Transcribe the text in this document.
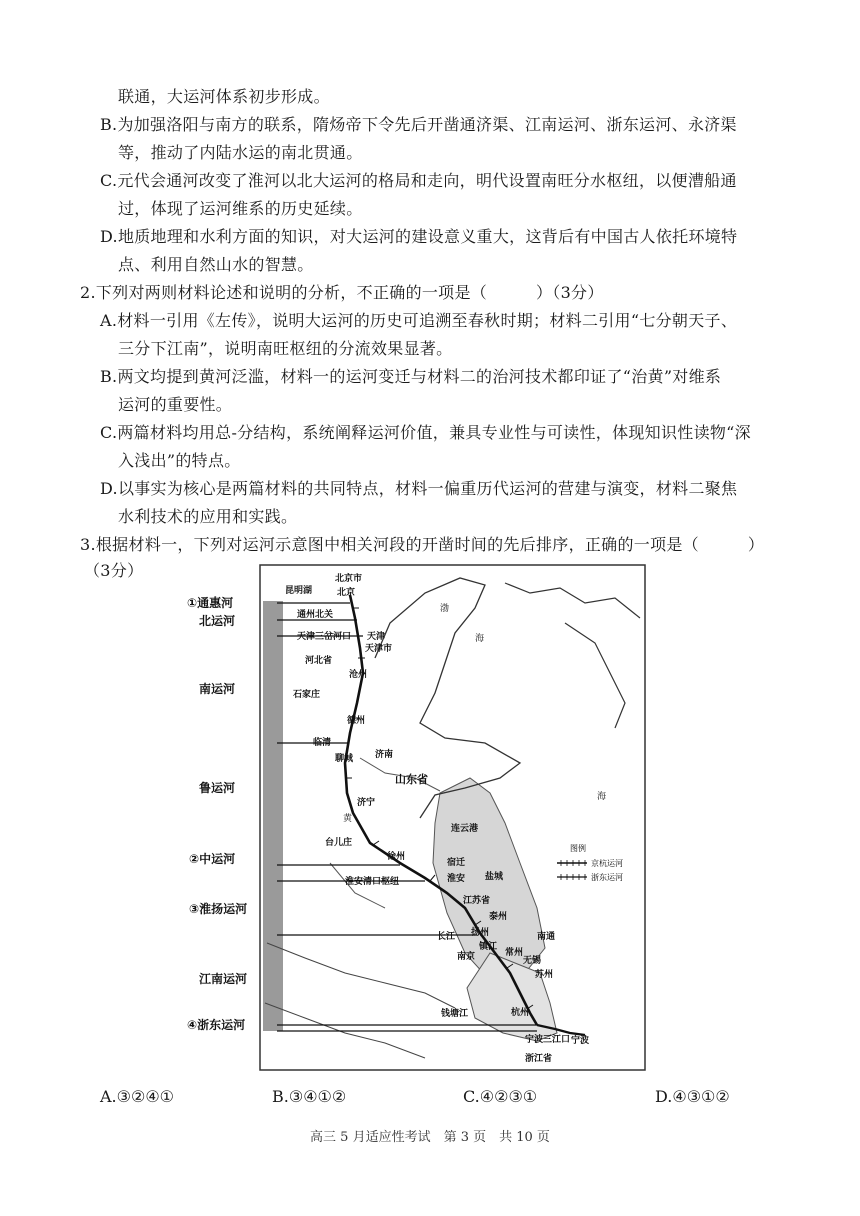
联通，大运河体系初步形成。
B.为加强洛阳与南方的联系，隋炀帝下令先后开凿通济渠、江南运河、浙东运河、永济渠
等，推动了内陆水运的南北贯通。
C.元代会通河改变了淮河以北大运河的格局和走向，明代设置南旺分水枢纽，以便漕船通
过，体现了运河维系的历史延续。
D.地质地理和水利方面的知识，对大运河的建设意义重大，这背后有中国古人依托环境特
点、利用自然山水的智慧。
2.下列对两则材料论述和说明的分析，不正确的一项是（　　　）（3分）
A.材料一引用《左传》，说明大运河的历史可追溯至春秋时期；材料二引用“七分朝天子、
三分下江南”，说明南旺枢纽的分流效果显著。
B.两文均提到黄河泛滥，材料一的运河变迁与材料二的治河技术都印证了“治黄”对维系
运河的重要性。
C.两篇材料均用总-分结构，系统阐释运河价值，兼具专业性与可读性，体现知识性读物“深
入浅出”的特点。
D.以事实为核心是两篇材料的共同特点，材料一偏重历代运河的营建与演变，材料二聚焦
水利技术的应用和实践。
3.根据材料一，下列对运河示意图中相关河段的开凿时间的先后排序，正确的一项是（　　　）
（3分）
①通惠河
北运河
南运河
鲁运河
②中运河
③淮扬运河
江南运河
④浙东运河
北京市
北京
昆明湖
通州北关
天津三岔河口 天津
天津市
河北省
沧州
石家庄
渤
海
德州
临清
聊城 济南
山东省
济宁
黄
台儿庄
连云港
徐州
宿迁
淮安 盐城
淮安清口枢纽
江苏省
泰州
扬州
长江
镇江
南京
南通
常州
无锡
苏州
钱塘江	杭州
宁波三江口 宁波
浙江省
海
图例
京杭运河
浙东运河
A.③②④①	B.③④①②	C.④②③①	D.④③①②
高三 5 月适应性考试　第 3 页　共 10 页
